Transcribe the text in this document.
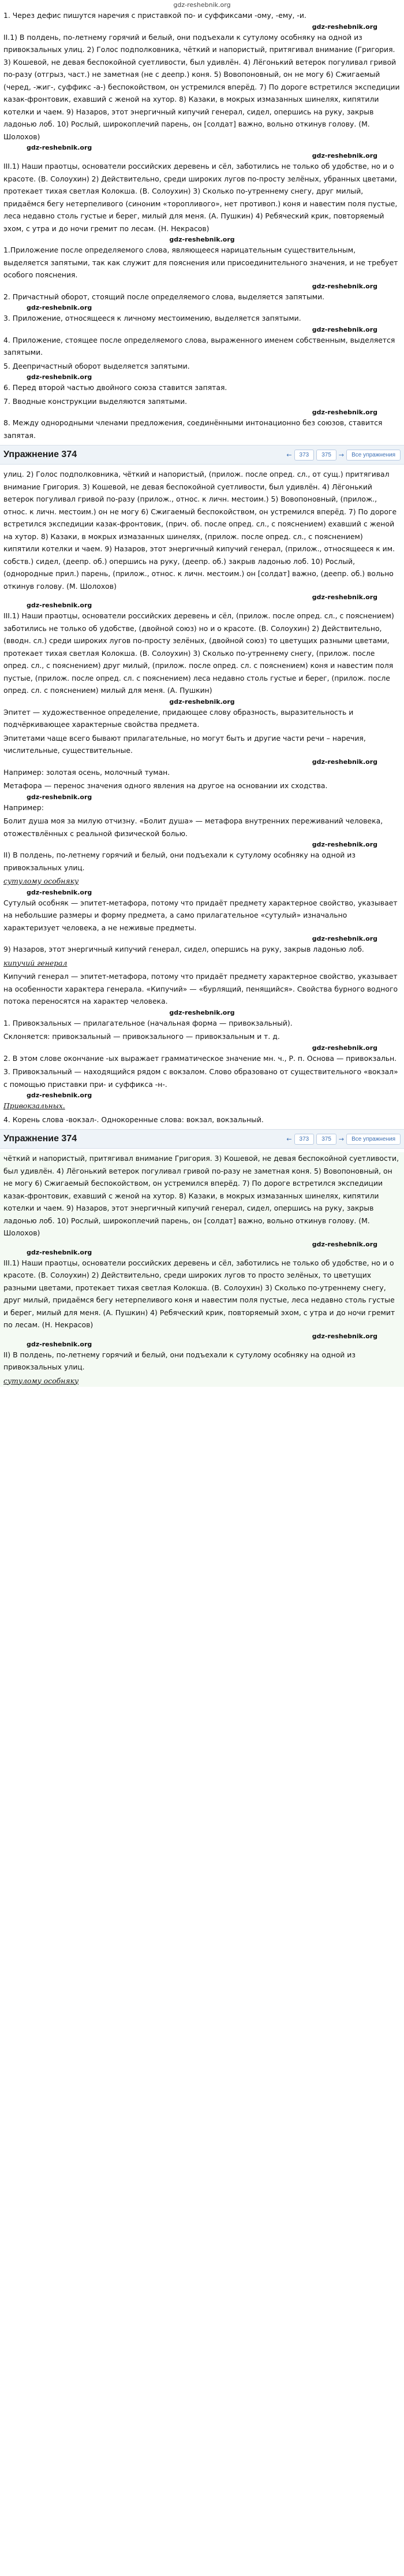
gdz-reshebnik.org

1. Через дефис пишутся наречия с приставкой по- и суффиксами -ому, -ему, -и.

gdz-reshebnik.org

II.1) В полдень, по-летнему горячий и белый, они подъехали к сутулому особняку на одной из привокзальных улиц. 2) Голос подполковника, чёткий и напористый, притягивал внимание (Григория. 3) Кошевой, не девая беспокойной суетливости, был удивлён. 4) Лёгонький ветерок погуливал гривой по-разу (отгрыз, част.) не заметная (не с деепр.) коня. 5) Вовопоновный, он не могу 6) Сжигаемый (черед, -жиг-, суффикс -а-) беспокойством, он устремился вперёд. 7) По дороге встретился экспедиции казак-фронтовик, ехавший с женой на хутор. 8) Казаки, в мокрых измазанных шинелях, кипятили котелки и чаем. 9) Назаров, этот энергичный кипучий генерал, сидел, опершись на руку, закрыв ладонью лоб. 10) Рослый, широкоплечий парень, он [солдат] важно, вольно откинув голову. (М. Шолохов)

gdz-reshebnik.org
gdz-reshebnik.org

III.1) Наши праотцы, основатели российских деревень и сёл, заботились не только об удобстве, но и о красоте. (В. Солоухин) 2) Действительно, среди широких лугов по-просту зелёных, убранных цветами, протекает тихая светлая Колокша. (В. Солоухин) 3) Сколько по-утреннему снегу, друг милый, придаёмся бегу нетерпеливого (синоним «торопливого», нет противоп.) коня и навестим поля пустые, леса недавно столь густые и берег, милый для меня. (А. Пушкин) 4) Ребяческий крик, повторяемый эхом, с утра и до ночи гремит по лесам. (Н. Некрасов)

gdz-reshebnik.org

1.Приложение после определяемого слова, являющееся нарицательным существительным, выделяется запятыми, так как служит для пояснения или присоединительного значения, и не требует особого пояснения.

gdz-reshebnik.org

2. Причастный оборот, стоящий после определяемого слова, выделяется запятыми.

gdz-reshebnik.org

3. Приложение, относящееся к личному местоимению, выделяется запятыми.

gdz-reshebnik.org

4. Приложение, стоящее после определяемого слова, выраженного именем собственным, выделяется запятыми.

5. Деепричастный оборот выделяется запятыми.

gdz-reshebnik.org

6. Перед второй частью двойного союза ставится запятая.

7. Вводные конструкции выделяются запятыми.

gdz-reshebnik.org

8. Между однородными членами предложения, соединёнными интонационно без союзов, ставится запятая.

Упражнение 374	←	373	375	→	Все упражнения

улиц. 2) Голос подполковника, чёткий и напористый, (прилож. после опред. сл., от сущ.) притягивал внимание Григория. 3) Кошевой, не девая беспокойной суетливости, был удивлён. 4) Лёгонький ветерок погуливал гривой по-разу (прилож., относ. к личн. местоим.) 5) Вовопоновный, (прилож., относ. к личн. местоим.) он не могу 6) Сжигаемый беспокойством, он устремился вперёд. 7) По дороге встретился экспедиции казак-фронтовик, (прич. об. после опред. сл., с пояснением) ехавший с женой на хутор. 8) Казаки, в мокрых измазанных шинелях, (прилож. после опред. сл., с пояснением) кипятили котелки и чаем. 9) Назаров, этот энергичный кипучий генерал, (прилож., относящееся к им. собств.) сидел, (деепр. об.) опершись на руку, (деепр. об.) закрыв ладонью лоб. 10) Рослый, (однородные прил.) парень, (прилож., относ. к личн. местоим.) он [солдат] важно, (деепр. об.) вольно откинув голову. (М. Шолохов)

gdz-reshebnik.org
gdz-reshebnik.org

III.1) Наши праотцы, основатели российских деревень и сёл, (прилож. после опред. сл., с пояснением) заботились не только об удобстве, (двойной союз) но и о красоте. (В. Солоухин) 2) Действительно, (вводн. сл.) среди широких лугов по-просту зелёных, (двойной союз) то цветущих разными цветами, протекает тихая светлая Колокша. (В. Солоухин) 3) Сколько по-утреннему снегу, (прилож. после опред. сл., с пояснением) друг милый, (прилож. после опред. сл. с пояснением) коня и навестим поля пустые, (прилож. после опред. сл. с пояснением) леса недавно столь густые и берег, (прилож. после опред. сл. с пояснением) милый для меня. (А. Пушкин)

gdz-reshebnik.org

Эпитет — художественное определение, придающее слову образность, выразительность и подчёркивающее характерные свойства предмета.

Эпитетами чаще всего бывают прилагательные, но могут быть и другие части речи – наречия, числительные, существительные.

gdz-reshebnik.org

Например: золотая осень, молочный туман.

Метафора — перенос значения одного явления на другое на основании их сходства.

gdz-reshebnik.org

Например:

Болит душа моя за милую отчизну. «Болит душа» — метафора внутренних переживаний человека, отожествлённых с реальной физической болью.

gdz-reshebnik.org

II) В полдень, по-летнему горячий и белый, они подъехали к сутулому особняку на одной из привокзальных улиц.

сутулому особняку

gdz-reshebnik.org

Сутулый особняк — эпитет-метафора, потому что придаёт предмету характерное свойство, указывает на небольшие размеры и форму предмета, а само прилагательное «сутулый» изначально характеризует человека, а не неживые предметы.

gdz-reshebnik.org

9) Назаров, этот энергичный кипучий генерал, сидел, опершись на руку, закрыв ладонью лоб.

кипучий генерал

Кипучий генерал — эпитет-метафора, потому что придаёт предмету характерное свойство, указывает на особенности характера генерала. «Кипучий» — «бурлящий, пенящийся». Свойства бурного водного потока переносятся на характер человека.

gdz-reshebnik.org

1. Привокзальных — прилагательное (начальная форма — привокзальный).

Склоняется: привокзальный — привокзального — привокзальным и т. д.

gdz-reshebnik.org

2. В этом слове окончание -ых выражает грамматическое значение мн. ч., Р. п. Основа — привокзальн.

3. Привокзальный — находящийся рядом с вокзалом. Слово образовано от существительного «вокзал» с помощью приставки при- и суффикса -н-.

gdz-reshebnik.org

Привокзальных.

4. Корень слова -вокзал-. Однокоренные слова: вокзал, вокзальный.

Упражнение 374	←	373	375	→	Все упражнения

чёткий и напористый, притягивал внимание Григория. 3) Кошевой, не девая беспокойной суетливости, был удивлён. 4) Лёгонький ветерок погуливал гривой по-разу не заметная коня. 5) Вовопоновный, он не могу 6) Сжигаемый беспокойством, он устремился вперёд. 7) По дороге встретился экспедиции казак-фронтовик, ехавший с женой на хутор. 8) Казаки, в мокрых измазанных шинелях, кипятили котелки и чаем. 9) Назаров, этот энергичный кипучий генерал, сидел, опершись на руку, закрыв ладонью лоб. 10) Рослый, широкоплечий парень, он [солдат] важно, вольно откинув голову. (М. Шолохов)

gdz-reshebnik.org
gdz-reshebnik.org

III.1) Наши праотцы, основатели российских деревень и сёл, заботились не только об удобстве, но и о красоте. (В. Солоухин) 2) Действительно, среди широких лугов то просто зелёных, то цветущих разными цветами, протекает тихая светлая Колокша. (В. Солоухин) 3) Сколько по-утреннему снегу, друг милый, придаёмся бегу нетерпеливого коня и навестим поля пустые, леса недавно столь густые и берег, милый для меня. (А. Пушкин) 4) Ребяческий крик, повторяемый эхом, с утра и до ночи гремит по лесам. (Н. Некрасов)

gdz-reshebnik.org
gdz-reshebnik.org

II) В полдень, по-летнему горячий и белый, они подъехали к сутулому особняку на одной из привокзальных улиц.

сутулому особняку
